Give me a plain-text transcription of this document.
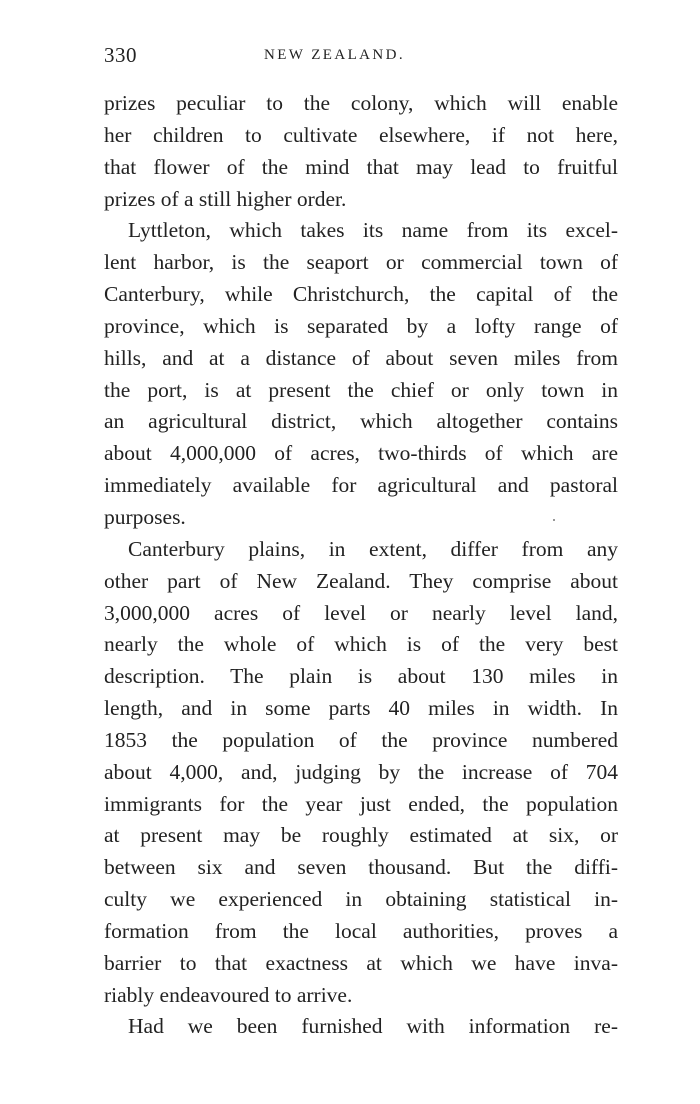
330	NEW ZEALAND.
prizes peculiar to the colony, which will enable
her children to cultivate elsewhere, if not here,
that flower of the mind that may lead to fruitful
prizes of a still higher order.
Lyttleton, which takes its name from its excel-
lent harbor, is the seaport or commercial town of
Canterbury, while Christchurch, the capital of the
province, which is separated by a lofty range of
hills, and at a distance of about seven miles from
the port, is at present the chief or only town in
an agricultural district, which altogether contains
about 4,000,000 of acres, two-thirds of which are
immediately available for agricultural and pastoral
purposes.
Canterbury plains, in extent, differ from any
other part of New Zealand. They comprise about
3,000,000 acres of level or nearly level land,
nearly the whole of which is of the very best
description. The plain is about 130 miles in
length, and in some parts 40 miles in width. In
1853 the population of the province numbered
about 4,000, and, judging by the increase of 704
immigrants for the year just ended, the population
at present may be roughly estimated at six, or
between six and seven thousand. But the diffi-
culty we experienced in obtaining statistical in-
formation from the local authorities, proves a
barrier to that exactness at which we have inva-
riably endeavoured to arrive.
Had we been furnished with information re-
